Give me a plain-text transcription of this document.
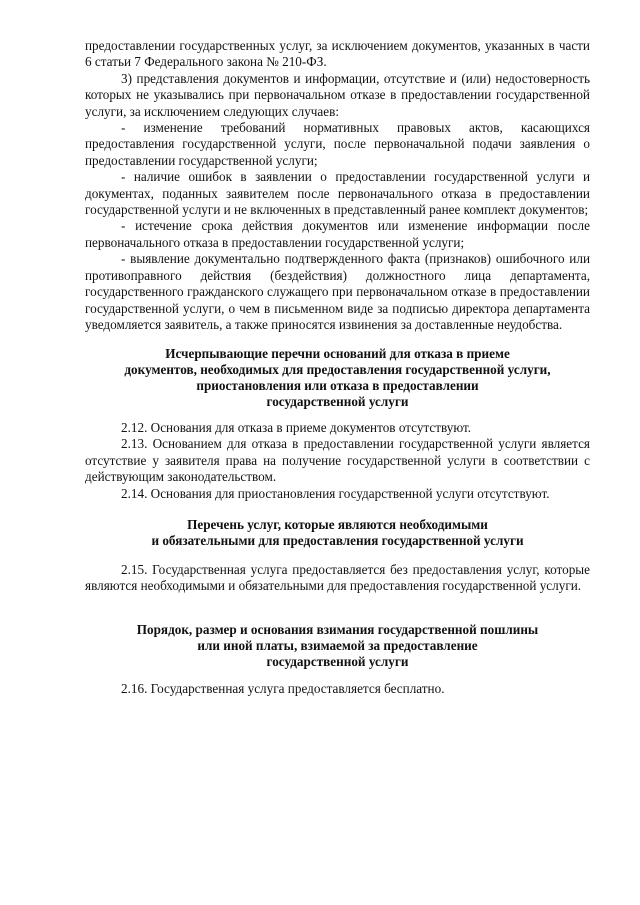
предоставлении государственных услуг, за исключением документов, указанных в части 6 статьи 7 Федерального закона № 210-ФЗ.

3) представления документов и информации, отсутствие и (или) недостоверность которых не указывались при первоначальном отказе в предоставлении государственной услуги, за исключением следующих случаев:

- изменение требований нормативных правовых актов, касающихся предоставления государственной услуги, после первоначальной подачи заявления о предоставлении государственной услуги;

- наличие ошибок в заявлении о предоставлении государственной услуги и документах, поданных заявителем после первоначального отказа в предоставлении государственной услуги и не включенных в представленный ранее комплект документов;

- истечение срока действия документов или изменение информации после первоначального отказа в предоставлении государственной услуги;

- выявление документально подтвержденного факта (признаков) ошибочного или противоправного действия (бездействия) должностного лица департамента, государственного гражданского служащего при первоначальном отказе в предоставлении государственной услуги, о чем в письменном виде за подписью директора департамента уведомляется заявитель, а также приносятся извинения за доставленные неудобства.

Исчерпывающие перечни оснований для отказа в приеме
документов, необходимых для предоставления государственной услуги,
приостановления или отказа в предоставлении
государственной услуги

2.12. Основания для отказа в приеме документов отсутствуют.

2.13. Основанием для отказа в предоставлении государственной услуги является отсутствие у заявителя права на получение государственной услуги в соответствии с действующим законодательством.

2.14. Основания для приостановления государственной услуги отсутствуют.

Перечень услуг, которые являются необходимыми
и обязательными для предоставления государственной услуги

2.15. Государственная услуга предоставляется без предоставления услуг, которые являются необходимыми и обязательными для предоставления государственной услуги.

Порядок, размер и основания взимания государственной пошлины
или иной платы, взимаемой за предоставление
государственной услуги

2.16. Государственная услуга предоставляется бесплатно.
